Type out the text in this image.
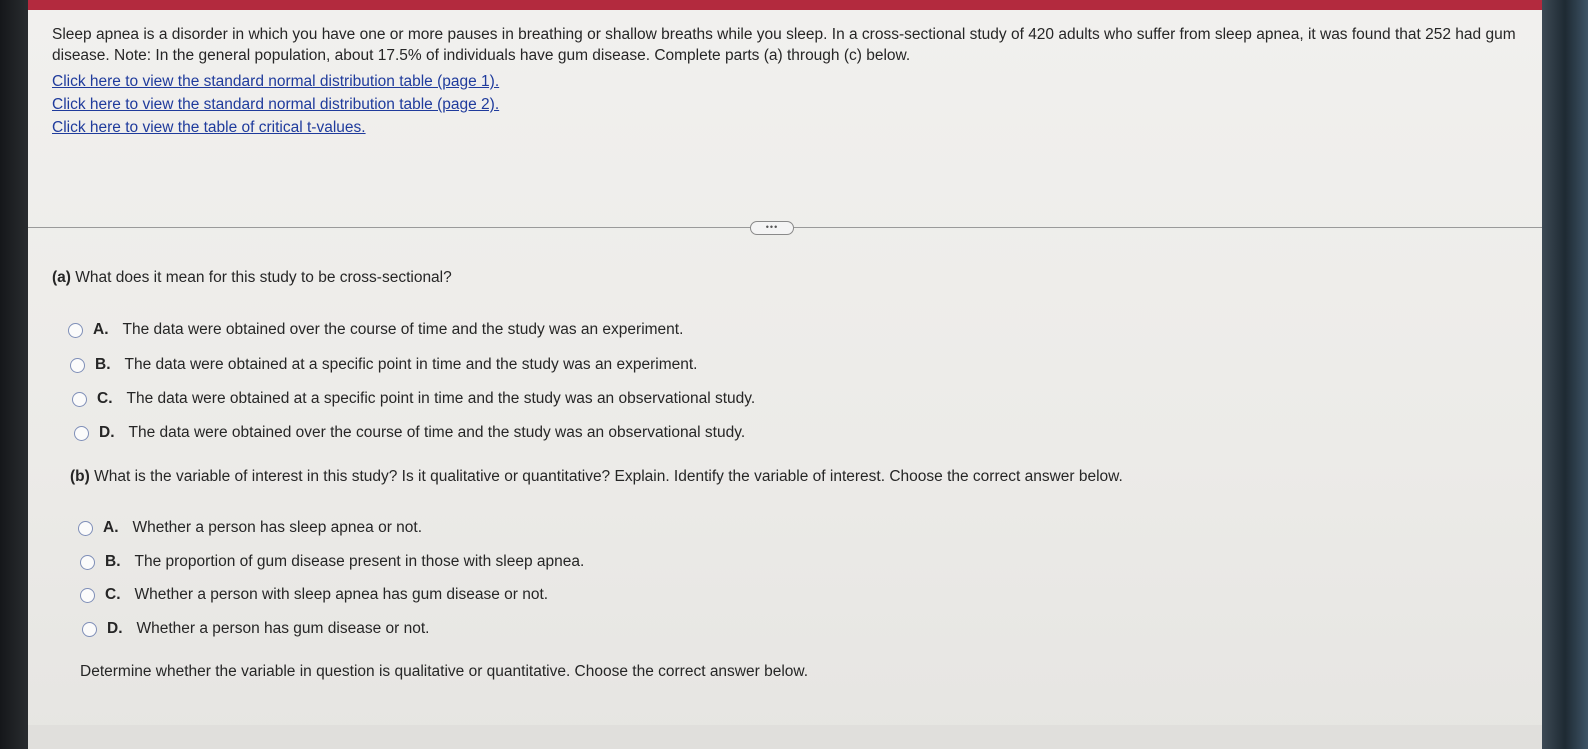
Sleep apnea is a disorder in which you have one or more pauses in breathing or shallow breaths while you sleep. In a cross-sectional study of 420 adults who suffer from sleep apnea, it was found that 252 had gum disease. Note: In the general population, about 17.5% of individuals have gum disease. Complete parts (a) through (c) below.

Click here to view the standard normal distribution table (page 1).
Click here to view the standard normal distribution table (page 2).
Click here to view the table of critical t-values.
•••
(a) What does it mean for this study to be cross-sectional?
A. The data were obtained over the course of time and the study was an experiment.
B. The data were obtained at a specific point in time and the study was an experiment.
C. The data were obtained at a specific point in time and the study was an observational study.
D. The data were obtained over the course of time and the study was an observational study.
(b) What is the variable of interest in this study? Is it qualitative or quantitative? Explain. Identify the variable of interest. Choose the correct answer below.
A. Whether a person has sleep apnea or not.
B. The proportion of gum disease present in those with sleep apnea.
C. Whether a person with sleep apnea has gum disease or not.
D. Whether a person has gum disease or not.
Determine whether the variable in question is qualitative or quantitative. Choose the correct answer below.
